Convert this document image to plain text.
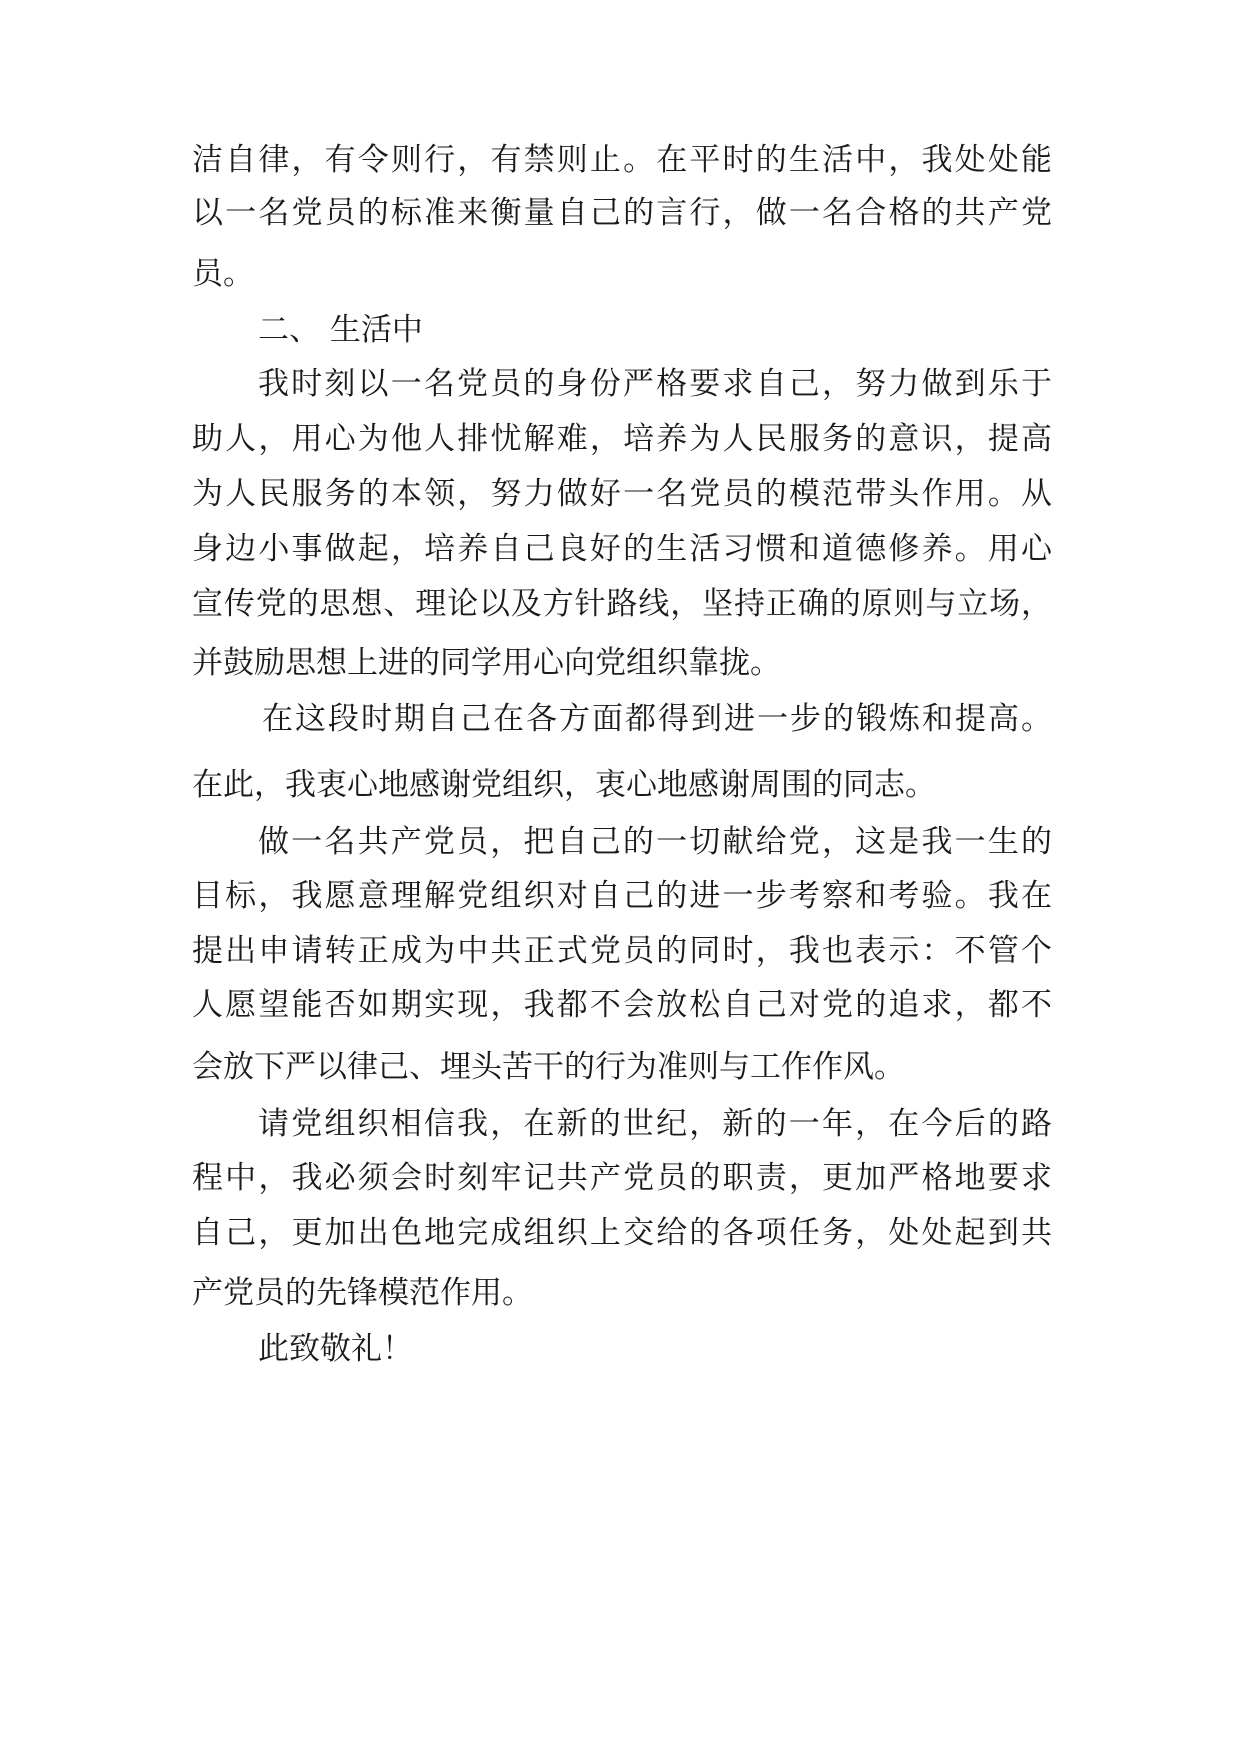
洁自律，有令则行，有禁则止。在平时的生活中，我处处能
以一名党员的标准来衡量自己的言行，做一名合格的共产党
员。
二、 生活中
我时刻以一名党员的身份严格要求自己，努力做到乐于
助人，用心为他人排忧解难，培养为人民服务的意识，提高
为人民服务的本领，努力做好一名党员的模范带头作用。从
身边小事做起，培养自己良好的生活习惯和道德修养。用心
宣传党的思想、理论以及方针路线，坚持正确的原则与立场，
并鼓励思想上进的同学用心向党组织靠拢。
在这段时期自己在各方面都得到进一步的锻炼和提高。
在此，我衷心地感谢党组织，衷心地感谢周围的同志。
做一名共产党员，把自己的一切献给党，这是我一生的
目标，我愿意理解党组织对自己的进一步考察和考验。我在
提出申请转正成为中共正式党员的同时，我也表示：不管个
人愿望能否如期实现，我都不会放松自己对党的追求，都不
会放下严以律己、埋头苦干的行为准则与工作作风。
请党组织相信我，在新的世纪，新的一年，在今后的路
程中，我必须会时刻牢记共产党员的职责，更加严格地要求
自己，更加出色地完成组织上交给的各项任务，处处起到共
产党员的先锋模范作用。
此致敬礼！
